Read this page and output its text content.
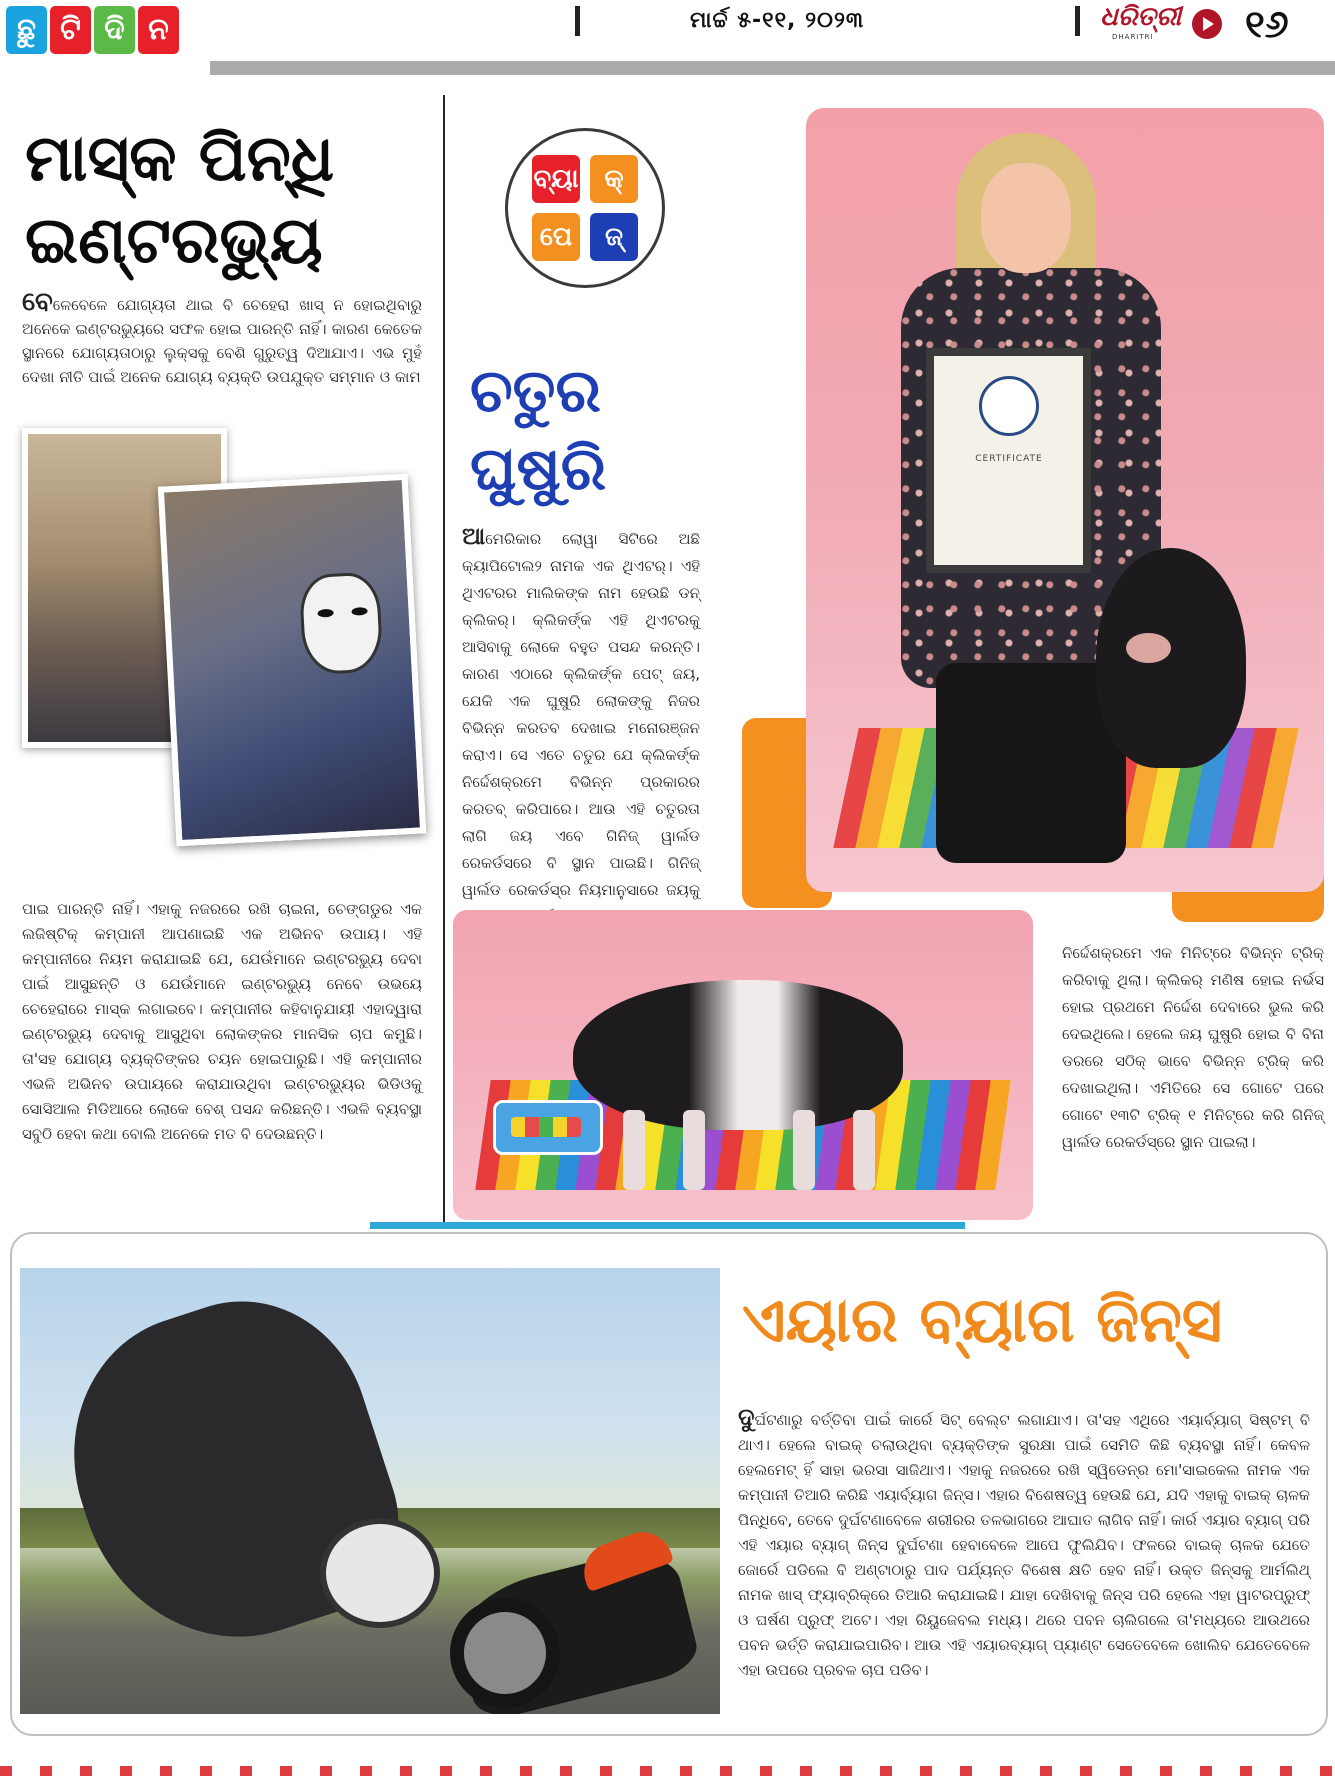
ଛୁ ଟି ଦି ନ	ମାର୍ଚ୍ଚ ୫-୧୧, ୨୦୨୩	ଧରିତ୍ରୀ
DHARITRI ୧୬
ମାସ୍କ ପିନ୍ଧି
ଇଣ୍ଟରଭ୍ୟୁ

ବେଳେବେଳେ ଯୋଗ୍ୟତା ଥାଇ ବି ଚେହେରା ଖାସ୍ ନ ହୋଇଥିବାରୁ ଅନେକେ ଇଣ୍ଟରଭ୍ୟୁରେ ସଫଳ ହୋଇ ପାରନ୍ତି ନାହିଁ। କାରଣ କେତେକ ସ୍ଥାନରେ ଯୋଗ୍ୟତାଠାରୁ ଲୁକ୍ସକୁ ବେଶି ଗୁରୁତ୍ୱ ଦିଆଯାଏ। ଏଭ ମୁହଁ ଦେଖା ନୀତି ପାଇଁ ଅନେକ ଯୋଗ୍ୟ ବ୍ୟକ୍ତି ଉପଯୁକ୍ତ ସମ୍ମାନ ଓ କାମ

ପାଇ ପାରନ୍ତି ନାହିଁ। ଏହାକୁ ନଜରରେ ରଖି ଚାଇନା, ଚେଙ୍ଗଡୁର ଏକ ଲଜିଷ୍ଟିକ୍ କମ୍ପାନୀ ଆପଣାଇଛି ଏକ ଅଭିନବ ଉପାୟ। ଏହି କମ୍ପାନୀରେ ନିୟମ କରାଯାଇଛି ଯେ, ଯେଉଁମାନେ ଇଣ୍ଟରଭ୍ୟୁ ଦେବା ପାଇଁ ଆସୁଛନ୍ତି ଓ ଯେଉଁମାନେ ଇଣ୍ଟରଭ୍ୟୁ ନେବେ ଉଭୟେ ଚେହେରାରେ ମାସ୍କ ଲଗାଇବେ। କମ୍ପାନୀର କହିବାନୁଯାୟୀ ଏହାଦ୍ୱାରା ଇଣ୍ଟରଭ୍ୟୁ ଦେବାକୁ ଆସୁଥିବା ଲୋକଙ୍କର ମାନସିକ ଚାପ କମୁଛି। ତା'ସହ ଯୋଗ୍ୟ ବ୍ୟକ୍ତିଙ୍କର ଚୟନ ହୋଇପାରୁଛି। ଏହି କମ୍ପାନୀର ଏଭଳି ଅଭିନବ ଉପାୟରେ କରାଯାଉଥିବା ଇଣ୍ଟରଭ୍ୟୁର ଭିଡିଓକୁ ସୋସିଆଲ ମିଡିଆରେ ଲୋକେ ବେଶ୍ ପସନ୍ଦ କରିଛନ୍ତି। ଏଭଳି ବ୍ୟବସ୍ଥା ସବୁଠି ହେବା କଥା ବୋଲି ଅନେକେ ମତ ବି ଦେଉଛନ୍ତି।

ବ୍ୟା କ୍
ପେ	ଜ୍
ଚତୁର
ଘୁଷୁରି

ଆମେରିକାର ଲୋୱା ସିଟିରେ ଅଛି କ୍ୟାପିଟୋଲ୨ ନାମକ ଏକ ଥିଏଟର୍। ଏହି ଥିଏଟରର ମାଲିକଙ୍କ ନାମ ହେଉଛି ଡନ୍ କ୍ଲିକର୍। କ୍ଲିକର୍ଙ୍କ ଏହି ଥିଏଟରକୁ ଆସିବାକୁ ଲୋକେ ବହୁତ ପସନ୍ଦ କରନ୍ତି। କାରଣ ଏଠାରେ କ୍ଲିକର୍ଙ୍କ ପେଟ୍ ଜୟ, ଯେକି ଏକ ଘୁଷୁରି ଲୋକଙ୍କୁ ନିଜର ବିଭିନ୍ନ କରତବ ଦେଖାଇ ମନୋରଞ୍ଜନ କରାଏ। ସେ ଏତେ ଚତୁର ଯେ କ୍ଲିକର୍ଙ୍କ ନିର୍ଦ୍ଦେଶକ୍ରମେ ବିଭିନ୍ନ ପ୍ରକାରର କରତବ୍ କରିପାରେ। ଆଉ ଏହି ଚତୁରତା ଲାଗି ଜୟ ଏବେ ଗିନିଜ୍ ୱାର୍ଲଡ ରେକର୍ଡସରେ ବି ସ୍ଥାନ ପାଇଛି। ଗିନିଜ୍ ୱାର୍ଲଡ ରେକର୍ଡସ୍ର ନିୟମାନୁସାରେ ଜୟକୁ

CERTIFICATE

ନିର୍ଦ୍ଦେଶକ୍ରମେ ଏକ ମିନିଟ୍ରେ ବିଭିନ୍ନ ଟ୍ରିକ୍ କରିବାକୁ ଥିଲା। କ୍ଲିକର୍ ମଣିଷ ହୋଇ ନର୍ଭସ ହୋଇ ପ୍ରଥମେ ନିର୍ଦ୍ଦେଶ ଦେବାରେ ଭୁଲ କରି ଦେଇଥିଲେ। ହେଲେ ଜୟ ଘୁଷୁରି ହୋଇ ବି ବିନା ଡରରେ ସଠିକ୍ ଭାବେ ବିଭିନ୍ନ ଟ୍ରିକ୍ କରି ଦେଖାଇଥିଲା। ଏମିତିରେ ସେ ଗୋଟେ ପରେ ଗୋଟେ ୧୩ଟି ଟ୍ରିକ୍ ୧ ମିନିଟ୍ରେ କରି ଗିନିଜ୍ ୱାର୍ଲଡ ରେକର୍ଡସ୍ରେ ସ୍ଥାନ ପାଇଲା।

ଏୟାର ବ୍ୟାଗ ଜିନ୍ସ

ଦୁର୍ଘଟଣାରୁ ବର୍ତ୍ତିବା ପାଇଁ କାର୍ରେ ସିଟ୍ ବେଲ୍ଟ ଲଗାଯାଏ। ତା'ସହ ଏଥିରେ ଏୟାର୍ବ୍ୟାଗ୍ ସିଷ୍ଟମ୍ ବି ଥାଏ। ହେଲେ ବାଇକ୍ ଚଲାଉଥିବା ବ୍ୟକ୍ତିଙ୍କ ସୁରକ୍ଷା ପାଇଁ ସେମିତି କିଛି ବ୍ୟବସ୍ଥା ନାହିଁ। କେବଳ ହେଲମେଟ୍ ହିଁ ସାହା ଭରସା ସାଜିଥାଏ। ଏହାକୁ ନଜରରେ ରଖି ସ୍ୱିଡେନ୍ର ମୋ'ସାଇକେଲ ନାମକ ଏକ କମ୍ପାନୀ ତିଆରି କରିଛି ଏୟାର୍ବ୍ୟାଗ ଜିନ୍ସ। ଏହାର ବିଶେଷତ୍ୱ ହେଉଛି ଯେ, ଯଦି ଏହାକୁ ବାଇକ୍ ଚାଳକ ପିନ୍ଧିବେ, ତେବେ ଦୁର୍ଘଟଣାବେଳେ ଶରୀରର ତଳଭାଗରେ ଆଘାତ ଲାଗିବ ନାହିଁ। କାର୍ର ଏୟାର ବ୍ୟାଗ୍ ପରି ଏହି ଏୟାର ବ୍ୟାଗ୍ ଜିନ୍ସ ଦୁର୍ଘଟଣା ହେବାବେଳେ ଆପେ ଫୁଲିଯିବ। ଫଳରେ ବାଇକ୍ ଚାଳକ ଯେତେ ଜୋର୍ରେ ପଡିଲେ ବି ଅଣ୍ଟାଠାରୁ ପାଦ ପର୍ଯ୍ୟନ୍ତ ବିଶେଷ କ୍ଷତି ହେବ ନାହିଁ। ଉକ୍ତ ଜିନ୍ସକୁ ଆର୍ମଲିଥ୍ ନାମକ ଖାସ୍ ଫ୍ୟାବ୍ରିକ୍ରେ ତିଆରି କରାଯାଇଛି। ଯାହା ଦେଖିବାକୁ ଜିନ୍ସ ପରି ହେଲେ ଏହା ୱାଟରପ୍ରୁଫ୍ ଓ ଘର୍ଷଣ ପ୍ରୁଫ୍ ଅଟେ। ଏହା ରିୟୁଜେବଲ ମଧ୍ୟ। ଥରେ ପବନ ଚାଲିଗଲେ ତା'ମଧ୍ୟରେ ଆଉଥରେ ପବନ ଭର୍ତ୍ତି କରାଯାଇପାରିବ। ଆଉ ଏହି ଏୟାରବ୍ୟାଗ୍ ପ୍ୟାଣ୍ଟ ସେତେବେଳେ ଖୋଲିବ ଯେତେବେଳେ ଏହା ଉପରେ ପ୍ରବଳ ଚାପ ପଡିବ।
